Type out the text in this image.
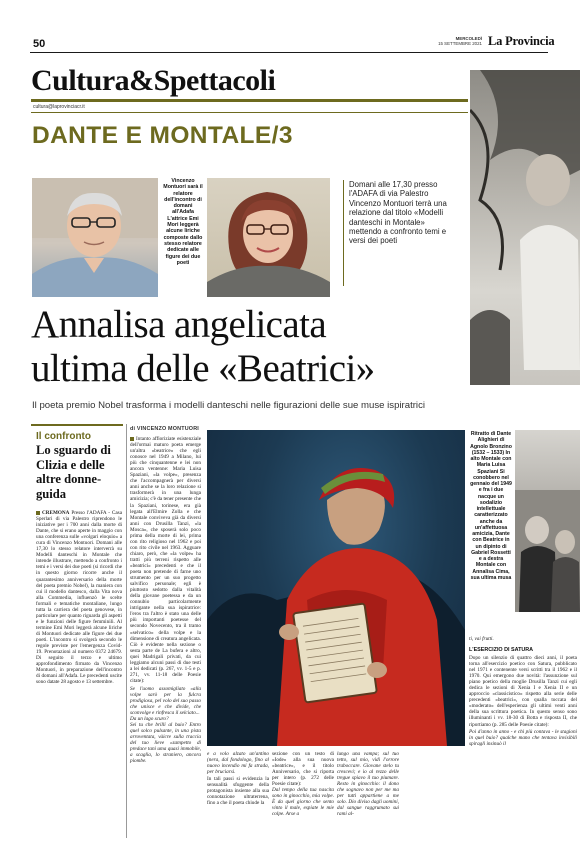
50	MERCOLEDÌ
15 SETTEMBRE 2021 La Provincia
Cultura&Spettacoli
cultura@laprovinciacr.it
DANTE E MONTALE/3
Vincenzo Montuori sarà il relatore dell'incontro di domani all'Adafa L'attrice Emi Mori leggerà alcune liriche composte dallo stesso relatore dedicate alle figure dei due poeti
Domani alle 17,30 presso l'ADAFA di via Palestro Vincenzo Montuori terrà una relazione dal titolo «Modelli danteschi in Montale» mettendo a confronto temi e versi dei poeti
Annalisa angelicata
ultima delle «Beatrici»
Il poeta premio Nobel trasforma i modelli danteschi nelle figurazioni delle sue muse ispiratrici
Il confronto
Lo sguardo di Clizia e delle altre donne-guida
CREMONA Presso l'ADAFA - Casa Sperlari di via Palestro riprendono le iniziative per i 700 anni dalla morte di Dante, che si erano aperte in maggio con una conferenza sulle «volgari eloquio» a cura di Vincenzo Montuori. Domani alle 17,30 lo stesso relatore interverrà su Modelli danteschi in Montale che intende illustrare, mettendo a confronto i temi e i versi dei due poeti (si ricordi che in questo giorno ricorre anche il quarantesimo anniversario della morte del poeta premio Nobel), la maniera con cui il modello dantesco, dalla Vita nova alla Commedia, influenzò le scelte formali e tematiche montaliane, lungo tutta la carriera del poeta genovese, in particolare per quanto riguarda gli aspetti e le funzioni delle figure femminili. Al termine Emi Mori leggerà alcune liriche di Montuori dedicate alle figure dei due poeti. L'incontro si svolgerà secondo le regole previste per l'emergenza Covid-19. Prenotazioni al numero 0372 24679. Di seguito il terzo e ultimo approfondimento firmato da Vincenzo Montuori, in preparazione dell'incontro di domani all'Adafa. Le precedenti uscite sono datate 28 agosto e 13 settembre.
di VINCENZO MONTUORI
Intanto affioriziate esistenziale dell'ormai maturo poeta emerge un'altra «beatrice» che egli conosce nel 1949 a Milano, lui più che cinquantenne e lei non ancora ventenne: Maria Luisa Spaziani, «la volpe», presenza che l'accompagnerà per diversi anni anche se la loro relazione si trasformerà in una lunga amicizia; c'è da tener presente che la Spaziani, torinese, era già legata all'Elmire Zolla e che Montale conviveva già da diversi anni con Drusilla Tanzi, «la Mosca», che sposerà solo poco prima della morte di lei, prima con rito religioso nel 1962 e poi con rito civile nel 1963. Agguare chiaro, però, che «la volpe» ha tratti più terreni rispetto alle «beatrici» precedenti e che il poeta non pretende di farne uno strumento per un suo progetto salvifico personale; egli è piuttosto sedotto dalla vitalità della giovane poetessa e da un connubio particolarmente intrigante nella sua ispiratrice: l'eros tra l'altro è stato una delle più importanti poetesse del secondo Novecento, tra il tramo «selvatico» della volpe e la dimensione di creatura angelicata. Ciò è evidente nella sezione o sesta parte de La bufera e altro, quei Madrigali privati, da cui leggiamo alcuni passi di due testi a lei dedicati (p. 267, vv. 1-5 e p. 271, vv. 11-18 delle Poesie citate):
Se l'uomo assomigliato «alla volpe sarò per la fulcra prodigiosa, pel volo del suo passo che unisce e che divide, che sconvolge e rinfresca il selciato...
Da un lago scuro?
Sei tu che brilli al buio? Entro quel solco pulsante, in una pista arroventata, vàicre sulla traccia del tuo lieve «zampetto di predace tani uma quasi immobile, a scaglia, lo straniero, ancora piombe.
e a volo alzato un'antino (nera, dal fondologo, fino al nuovo incendio mi fa strada, per bruciarsi.
In tali passi si evidenzia la sensualità sfuggente della protagonista insieme alla sua connotazione ultraterrena, fino a che il poeta chiude la
sezione con un testo di «Iode» alla sua nuova «beatrice», e il titolo Anniversario, che si riporta per intero (p. 272 delle Poesie citate):
Dal tempo della tua nascita sono in ginocchio, mia volpe. È da quel giorno che sento vinto il male, espiate le mie colpe. Arse a
lungo una vampa; sul tuo tetto, sul mio, vidi l'orrore traboccare. Giovane stelo tu crescevi; e io al rezzo delle tregue spiavo il tuo piumare. Resto in ginocchio: il dono che sognavo non per me ma per tutti appartiene a me solo. Dio diviso dagli uomini, dal sangue raggrumato sui rami al-
Ritratto di Dante Alighieri di Agnolo Bronzino (1532 – 1533) In alto Montale con Maria Luisa Spaziani Si conobbero nel gennaio del 1949 e fra i due nacque un sodalizio intellettuale caratterizzato anche da un'affettuosa amicizia, Dante con Beatrice in un dipinto di Gabriel Rossetti e a destra Montale con Annalisa Cima, sua ultima musa
ti, vai frutti.
L'ESERCIZIO DI SATURA
Dopo un silenzio di quattro dieci anni, il poeta torna all'esercizio poetico con Satura, pubblicato nel 1971 e contenente versi scritti tra il 1962 e il 1970. Qui emergono due novità: l'assunzione sul piano poetico della moglie Drusilla Tanzi cui egli dedica le sezioni di Xenia I e Xenia II e un approccio «classicistico» rispetto alla serie delle precedenti «beatrici», con qualla toccata del «moderato» dell'esperienza gli ultimi venti anni della sua scrittura poetica. In questo senso sono illuminanti i vv. 18-30 di Botta e risposta II, che riportiamo (p. 285 delle Poesie citate):
Poi d'anno in anno - e chi più contava - le stagioni in quel buio? qualche mano che tentava invisibili spiragli insinuò il
